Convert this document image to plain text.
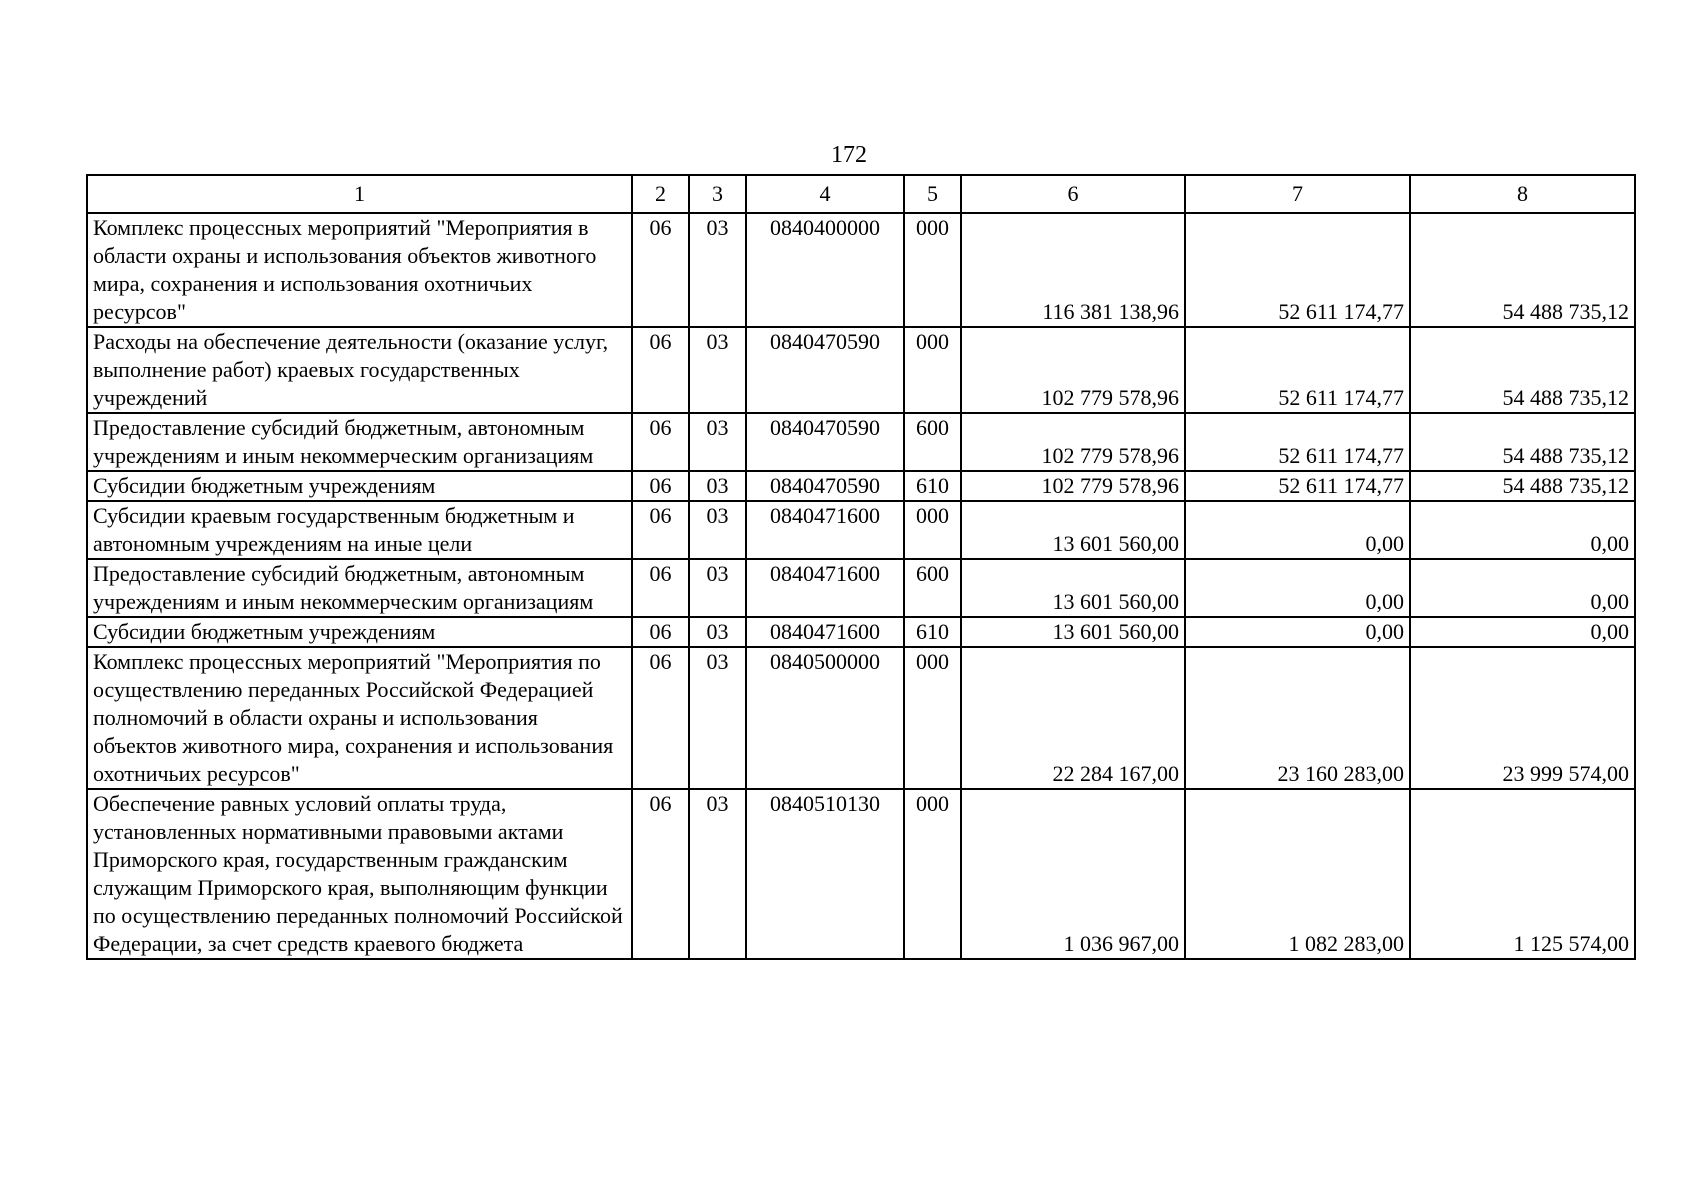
172
1	2	3	4	5	6	7	8
Комплекс процессных мероприятий "Мероприятия в области охраны и использования объектов животного мира, сохранения и использования охотничьих ресурсов"	06	03	0840400000	000	116 381 138,96	52 611 174,77	54 488 735,12
Расходы на обеспечение деятельности (оказание услуг, выполнение работ) краевых государственных учреждений	06	03	0840470590	000	102 779 578,96	52 611 174,77	54 488 735,12
Предоставление субсидий бюджетным, автономным учреждениям и иным некоммерческим организациям	06	03	0840470590	600	102 779 578,96	52 611 174,77	54 488 735,12
Субсидии бюджетным учреждениям	06	03	0840470590	610	102 779 578,96	52 611 174,77	54 488 735,12
Субсидии краевым государственным бюджетным и автономным учреждениям на иные цели	06	03	0840471600	000	13 601 560,00	0,00	0,00
Предоставление субсидий бюджетным, автономным учреждениям и иным некоммерческим организациям	06	03	0840471600	600	13 601 560,00	0,00	0,00
Субсидии бюджетным учреждениям	06	03	0840471600	610	13 601 560,00	0,00	0,00
Комплекс процессных мероприятий "Мероприятия по осуществлению переданных Российской Федерацией полномочий в области охраны и использования объектов животного мира, сохранения и использования охотничьих ресурсов"	06	03	0840500000	000	22 284 167,00	23 160 283,00	23 999 574,00
Обеспечение равных условий оплаты труда, установленных нормативными правовыми актами Приморского края, государственным гражданским служащим Приморского края, выполняющим функции по осуществлению переданных полномочий Российской Федерации, за счет средств краевого бюджета	06	03	0840510130	000	1 036 967,00	1 082 283,00	1 125 574,00
